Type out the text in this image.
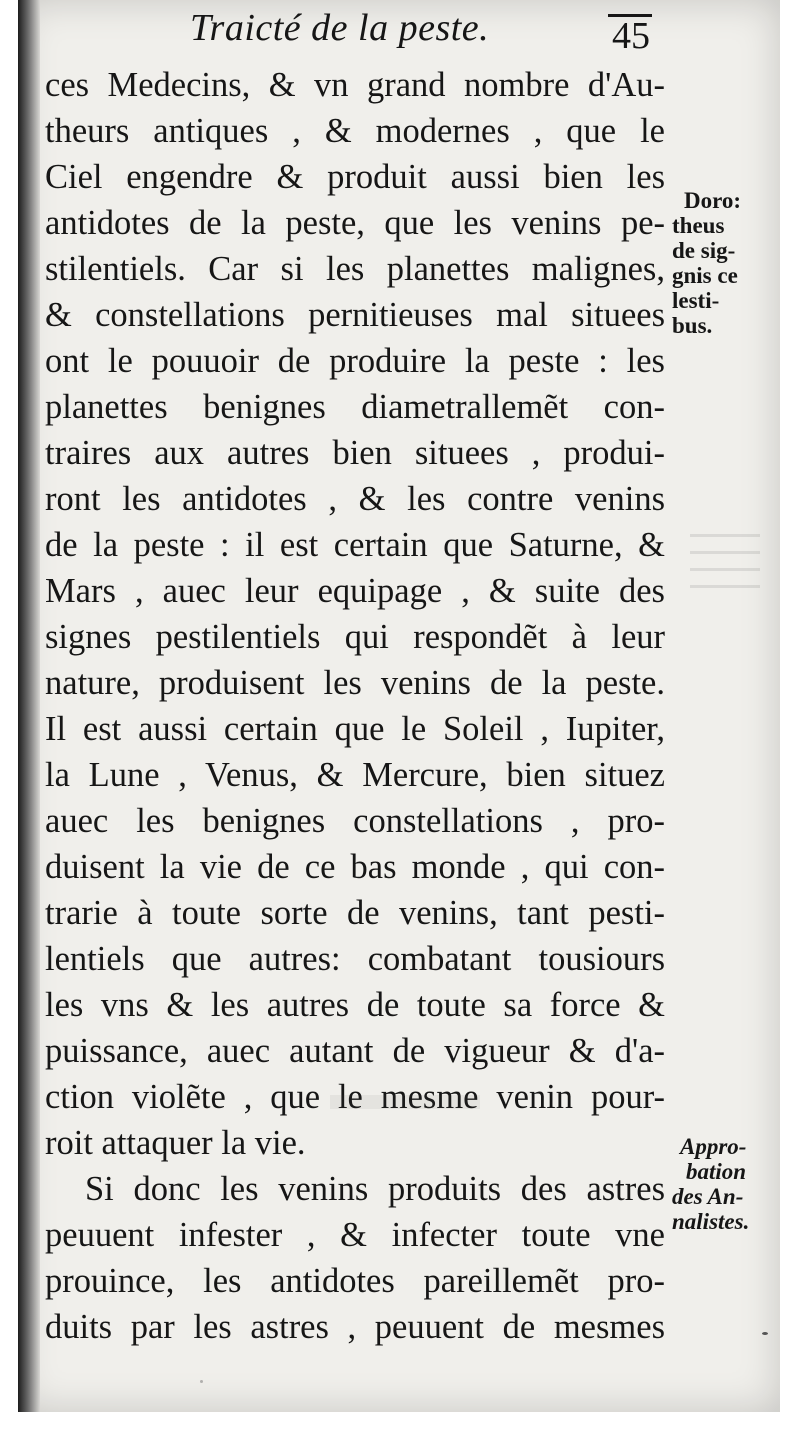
Traicté de la peste.	45
ces Medecins, & vn grand nombre d'Au-
theurs antiques , & modernes , que le
Ciel engendre & produit aussi bien les
antidotes de la peste, que les venins pe-
stilentiels. Car si les planettes malignes,
& constellations pernitieuses mal situees
ont le pouuoir de produire la peste : les
planettes benignes diametrallemẽt con-
traires aux autres bien situees , produi-
ront les antidotes , & les contre venins
de la peste : il est certain que Saturne, &
Mars , auec leur equipage , & suite des
signes pestilentiels qui respondẽt à leur
nature, produisent les venins de la peste.
Il est aussi certain que le Soleil , Iupiter,
la Lune , Venus, & Mercure, bien situez
auec les benignes constellations , pro-
duisent la vie de ce bas monde , qui con-
trarie à toute sorte de venins, tant pesti-
lentiels que autres: combatant tousiours
les vns & les autres de toute sa force &
puissance, auec autant de vigueur & d'a-
ction violẽte , que le mesme venin pour-
roit attaquer la vie.
Si donc les venins produits des astres
peuuent infester , & infecter toute vne
prouince, les antidotes pareillemẽt pro-
duits par les astres , peuuent de mesmes
Doro:
theus
de sig-
gnis ce
lesti-
bus.
Appro-
bation
des An-
nalistes.
